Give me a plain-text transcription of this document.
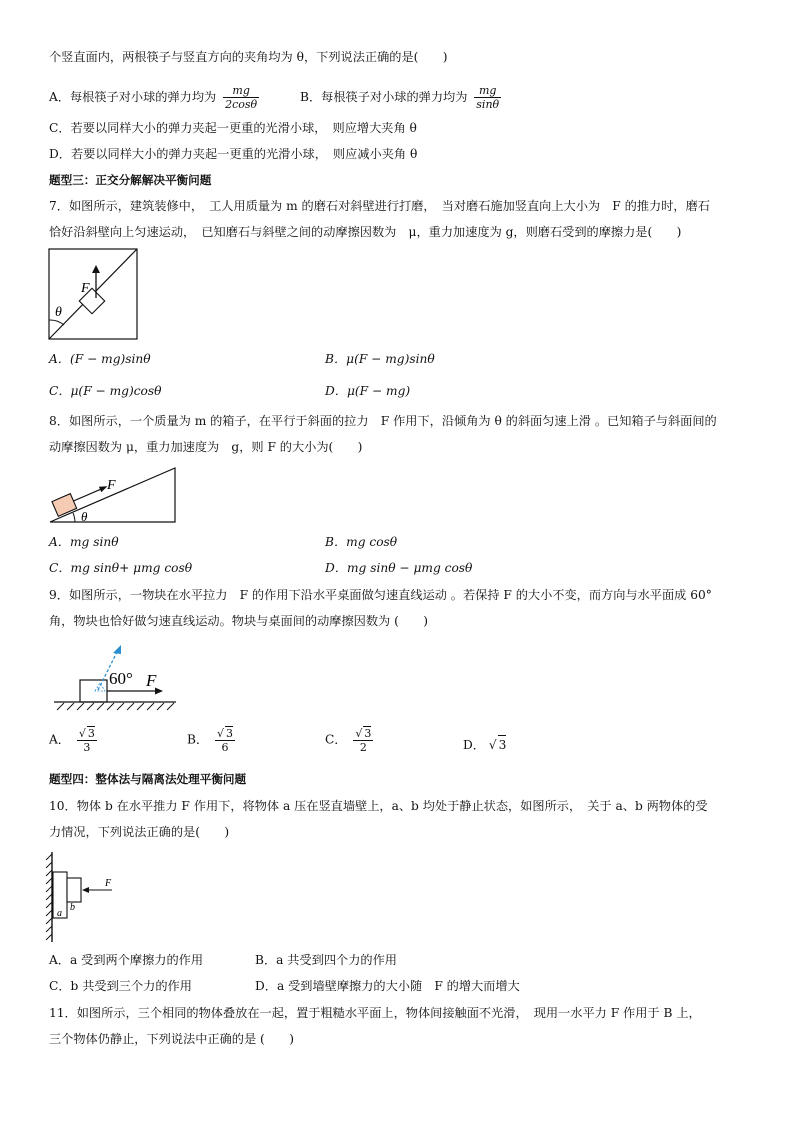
个竖直面内，两根筷子与竖直方向的夹角均为 θ，下列说法正确的是(　　)
A．每根筷子对小球的弹力均为 $\frac{mg}{2\cos\theta}$	B．每根筷子对小球的弹力均为 $\frac{mg}{\sin\theta}$
C．若要以同样大小的弹力夹起一更重的光滑小球，　则应增大夹角 θ
D．若要以同样大小的弹力夹起一更重的光滑小球，　则应减小夹角 θ
题型三：正交分解解决平衡问题
7．如图所示，建筑装修中，　工人用质量为 m 的磨石对斜壁进行打磨，　当对磨石施加竖直向上大小为　F 的推力时，磨石
恰好沿斜壁向上匀速运动，　已知磨石与斜壁之间的动摩擦因数为　μ，重力加速度为 g，则磨石受到的摩擦力是(　　)
F
θ
A．(F − mg)sinθ	B．μ(F − mg)sinθ
C．μ(F − mg)cosθ	D．μ(F − mg)
8．如图所示，一个质量为 m 的箱子，在平行于斜面的拉力　F 作用下，沿倾角为 θ 的斜面匀速上滑 。已知箱子与斜面间的
动摩擦因数为 μ，重力加速度为　g，则 F 的大小为(　　)
F
θ
A．mg sinθ	B．mg cosθ
C．mg sinθ+ μmg cosθ	D．mg sinθ − μmg cosθ
9．如图所示，一物块在水平拉力　F 的作用下沿水平桌面做匀速直线运动 。若保持 F 的大小不变，而方向与水平面成 60°
角，物块也恰好做匀速直线运动。物块与桌面间的动摩擦因数为 (　　)
60° F
A． $\frac{√ 3}{3}$	B． $\frac{√ 3}{6}$	C． $\frac{√ 3}{2}$	D． √ 3
题型四：整体法与隔离法处理平衡问题
10．物体 b 在水平推力 F 作用下，将物体 a 压在竖直墙壁上，a、b 均处于静止状态，如图所示，　关于 a、b 两物体的受
力情况，下列说法正确的是(　　)
F
a
b
A．a 受到两个摩擦力的作用	B．a 共受到四个力的作用
C．b 共受到三个力的作用	D．a 受到墙壁摩擦力的大小随　F 的增大而增大
11．如图所示，三个相同的物体叠放在一起，置于粗糙水平面上，物体间接触面不光滑，　现用一水平力 F 作用于 B 上，
三个物体仍静止，下列说法中正确的是 (　　)
